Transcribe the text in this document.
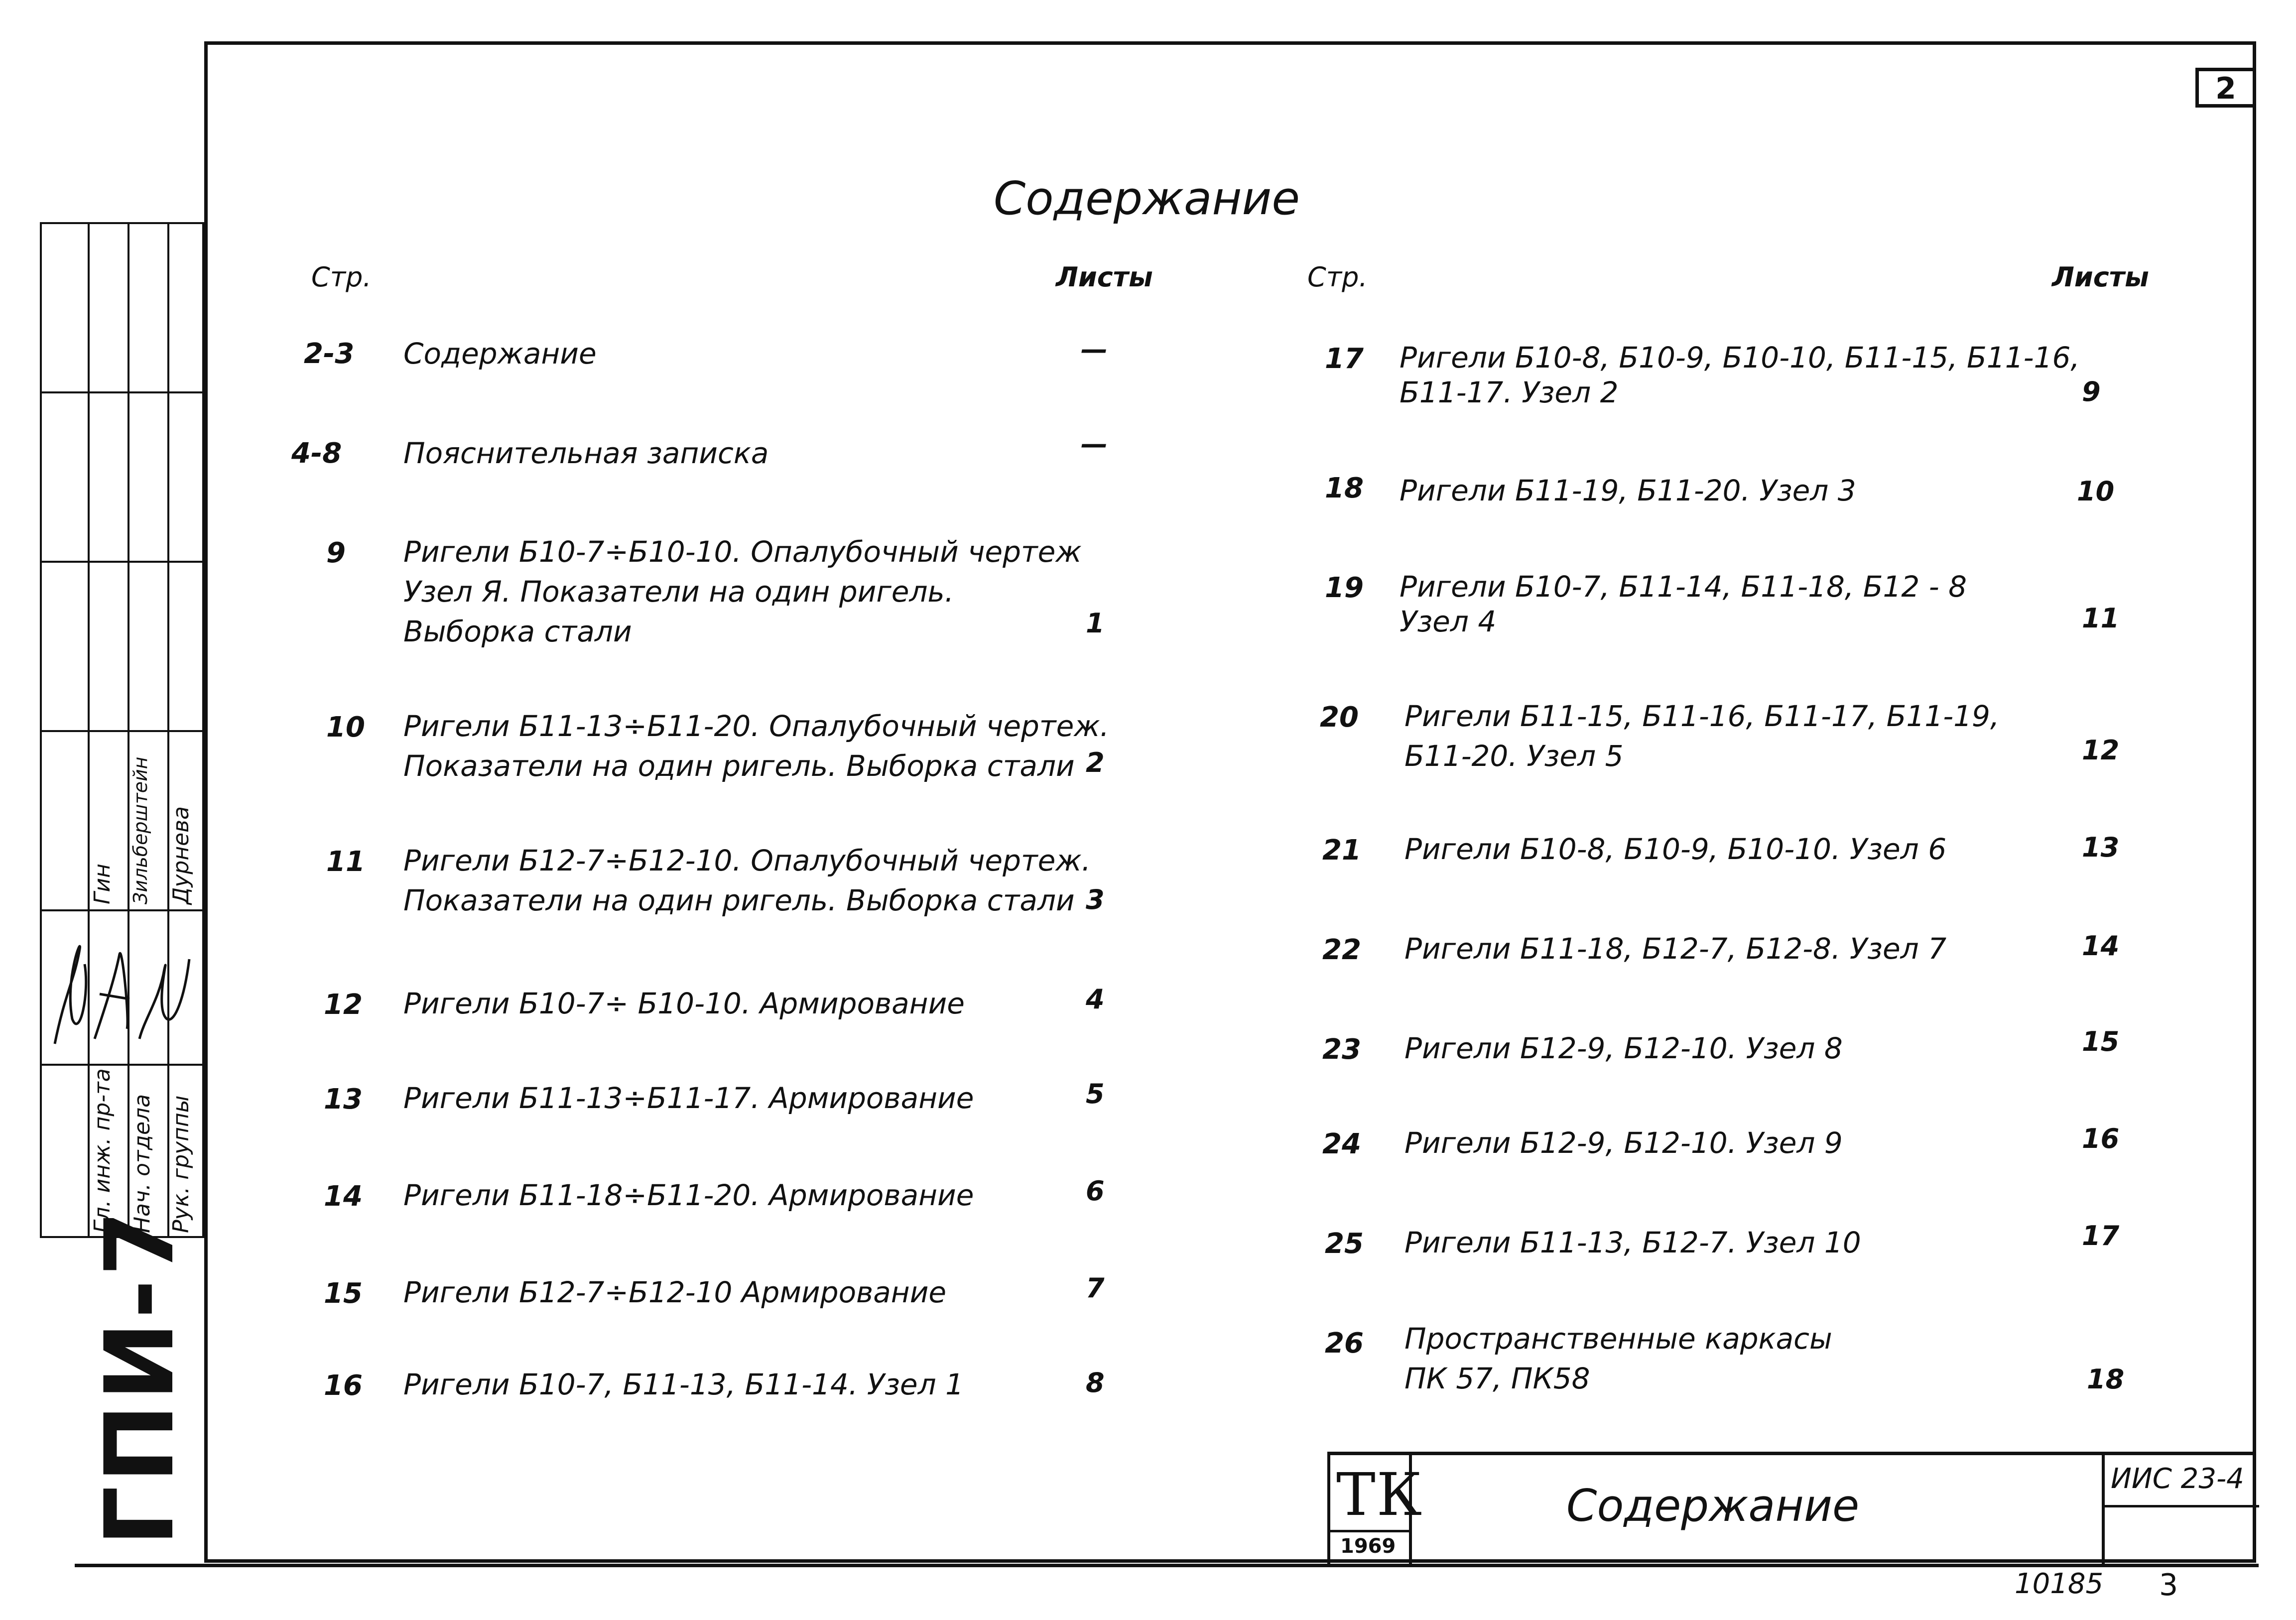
2
Гл. инж. пр-та Нач. отдела Рук. группы
Гин Зильберштейн Дурнева
ГПИ-7
Содержание
Стр.	Листы	Стр.	Листы
2-3 Содержание	—
4-8 Пояснительная записка	—
9 Ригели Б10-7÷Б10-10. Опалубочный чертеж
Узел Я. Показатели на один ригель.
Выборка стали	1
10 Ригели Б11-13÷Б11-20. Опалубочный чертеж.
Показатели на один ригель. Выборка стали 2
11 Ригели Б12-7÷Б12-10. Опалубочный чертеж.
Показатели на один ригель. Выборка стали 3
12 Ригели Б10-7÷ Б10-10. Армирование	4
13 Ригели Б11-13÷Б11-17. Армирование	5
14 Ригели Б11-18÷Б11-20. Армирование	6
15 Ригели Б12-7÷Б12-10 Армирование	7
16 Ригели Б10-7, Б11-13, Б11-14. Узел 1	8
17 Ригели Б10-8, Б10-9, Б10-10, Б11-15, Б11-16,
Б11-17. Узел 2	9
18 Ригели Б11-19, Б11-20. Узел 3	10
19 Ригели Б10-7, Б11-14, Б11-18, Б12 - 8
Узел 4	11
20 Ригели Б11-15, Б11-16, Б11-17, Б11-19,
Б11-20. Узел 5	12
21 Ригели Б10-8, Б10-9, Б10-10. Узел 6	13
22 Ригели Б11-18, Б12-7, Б12-8. Узел 7	14
23 Ригели Б12-9, Б12-10. Узел 8	15
24 Ригели Б12-9, Б12-10. Узел 9	16
25 Ригели Б11-13, Б12-7. Узел 10	17
26 Пространственные каркасы
ПК 57, ПК58	18
ТК
1969
Содержание
ИИС 23-4
10185 3
